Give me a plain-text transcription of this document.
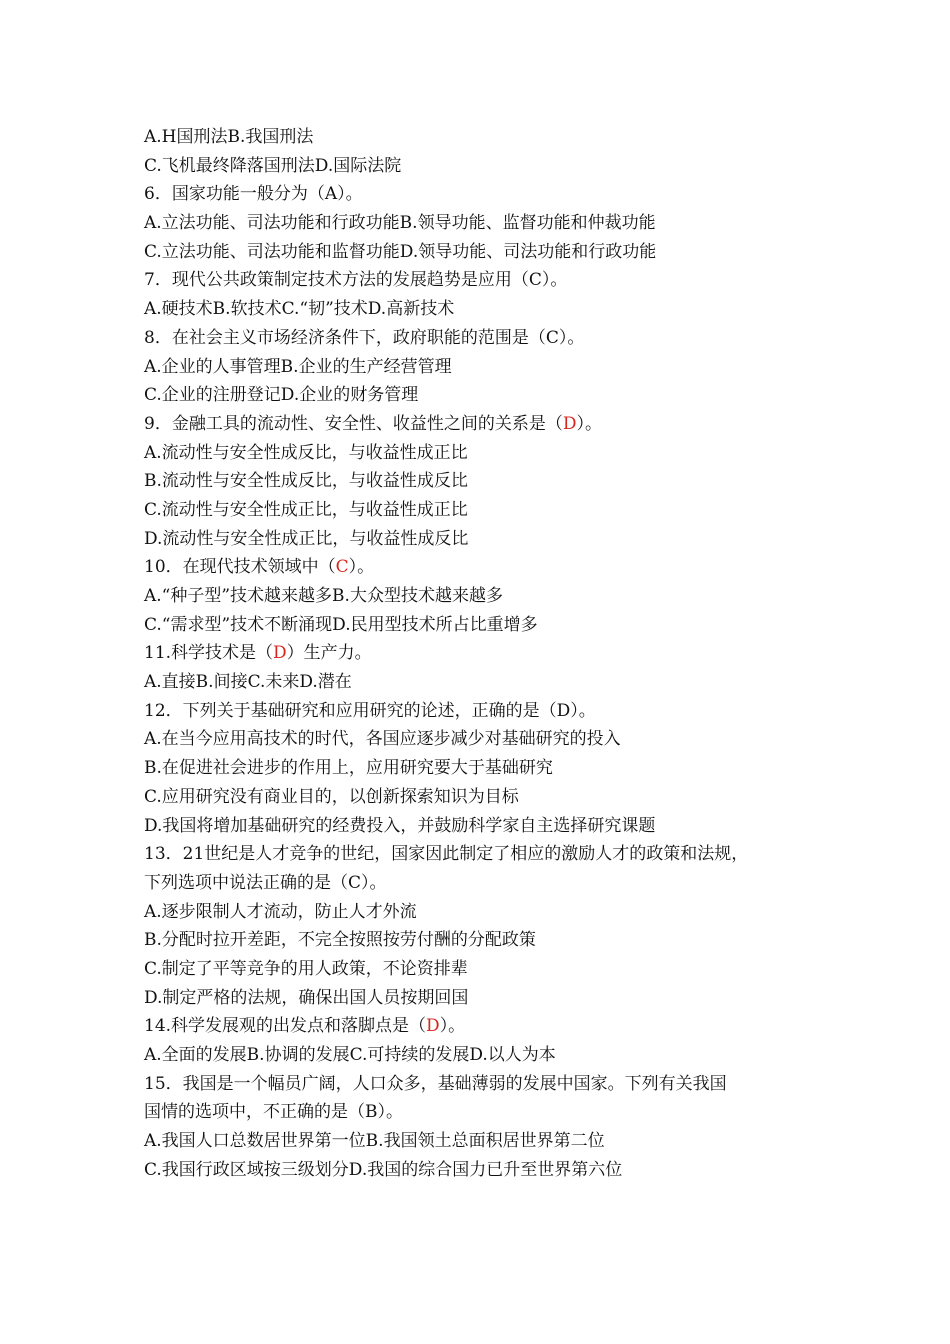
A.H国刑法B.我国刑法
C.飞机最终降落国刑法D.国际法院
6．国家功能一般分为（A）。
A.立法功能、司法功能和行政功能B.领导功能、监督功能和仲裁功能
C.立法功能、司法功能和监督功能D.领导功能、司法功能和行政功能
7．现代公共政策制定技术方法的发展趋势是应用（C）。
A.硬技术B.软技术C.“韧”技术D.高新技术
8．在社会主义市场经济条件下，政府职能的范围是（C）。
A.企业的人事管理B.企业的生产经营管理
C.企业的注册登记D.企业的财务管理
9．金融工具的流动性、安全性、收益性之间的关系是（D）。
A.流动性与安全性成反比，与收益性成正比
B.流动性与安全性成反比，与收益性成反比
C.流动性与安全性成正比，与收益性成正比
D.流动性与安全性成正比，与收益性成反比
10．在现代技术领域中（C）。
A.“种子型”技术越来越多B.大众型技术越来越多
C.“需求型”技术不断涌现D.民用型技术所占比重增多
11.科学技术是（D）生产力。
A.直接B.间接C.未来D.潜在
12．下列关于基础研究和应用研究的论述，正确的是（D）。
A.在当今应用高技术的时代，各国应逐步减少对基础研究的投入
B.在促进社会进步的作用上，应用研究要大于基础研究
C.应用研究没有商业目的，以创新探索知识为目标
D.我国将增加基础研究的经费投入，并鼓励科学家自主选择研究课题
13．21世纪是人才竞争的世纪，国家因此制定了相应的激励人才的政策和法规，
下列选项中说法正确的是（C）。
A.逐步限制人才流动，防止人才外流
B.分配时拉开差距，不完全按照按劳付酬的分配政策
C.制定了平等竞争的用人政策，不论资排辈
D.制定严格的法规，确保出国人员按期回国
14.科学发展观的出发点和落脚点是（D）。
A.全面的发展B.协调的发展C.可持续的发展D.以人为本
15．我国是一个幅员广阔，人口众多，基础薄弱的发展中国家。下列有关我国
国情的选项中，不正确的是（B）。
A.我国人口总数居世界第一位B.我国领土总面积居世界第二位
C.我国行政区域按三级划分D.我国的综合国力已升至世界第六位
